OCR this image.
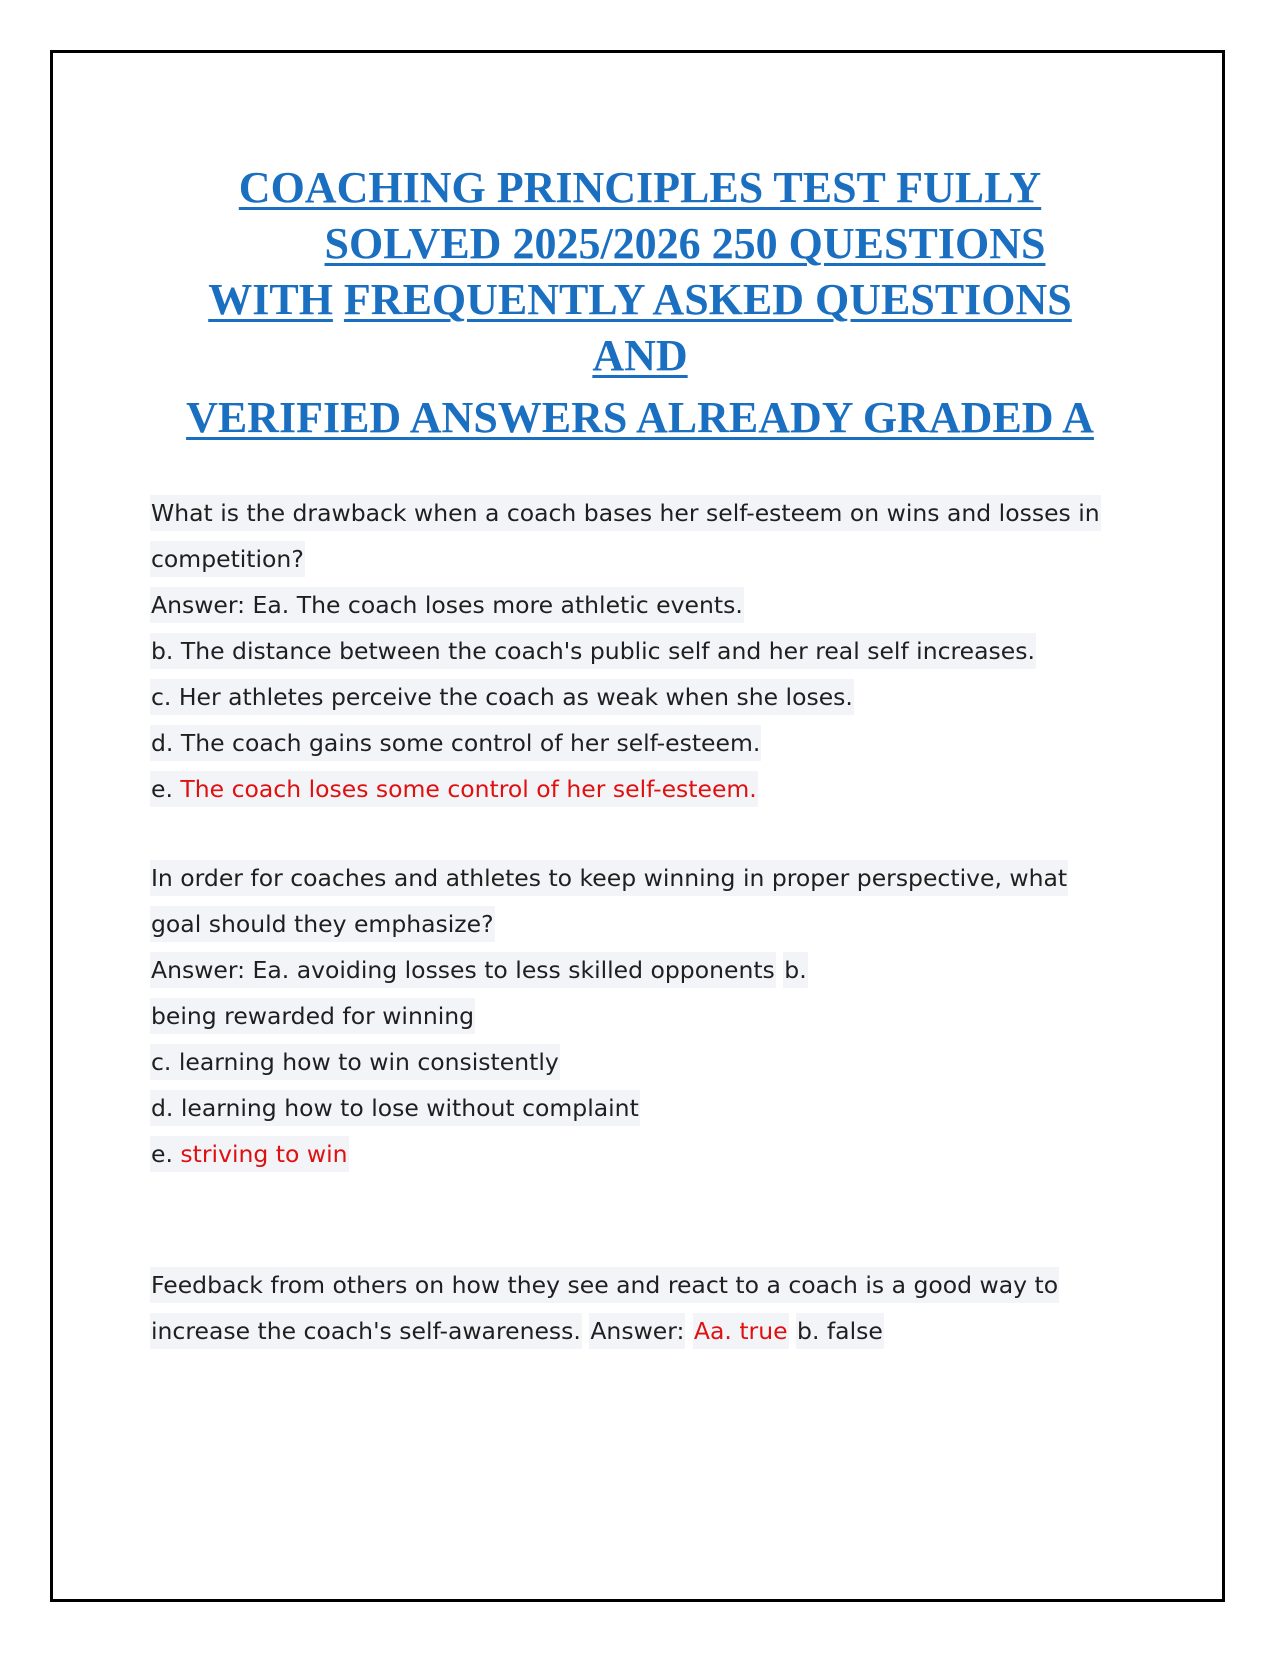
COACHING PRINCIPLES TEST FULLY
SOLVED 2025/2026 250 QUESTIONS
WITH FREQUENTLY ASKED QUESTIONS
AND
VERIFIED ANSWERS ALREADY GRADED A
What is the drawback when a coach bases her self-esteem on wins and losses in
competition?
Answer: Ea. The coach loses more athletic events.
b. The distance between the coach's public self and her real self increases.
c. Her athletes perceive the coach as weak when she loses.
d. The coach gains some control of her self-esteem.
e. The coach loses some control of her self-esteem.
In order for coaches and athletes to keep winning in proper perspective, what
goal should they emphasize?
Answer: Ea. avoiding losses to less skilled opponents b.
being rewarded for winning
c. learning how to win consistently
d. learning how to lose without complaint
e. striving to win
Feedback from others on how they see and react to a coach is a good way to
increase the coach's self-awareness. Answer: Aa. true b. false
